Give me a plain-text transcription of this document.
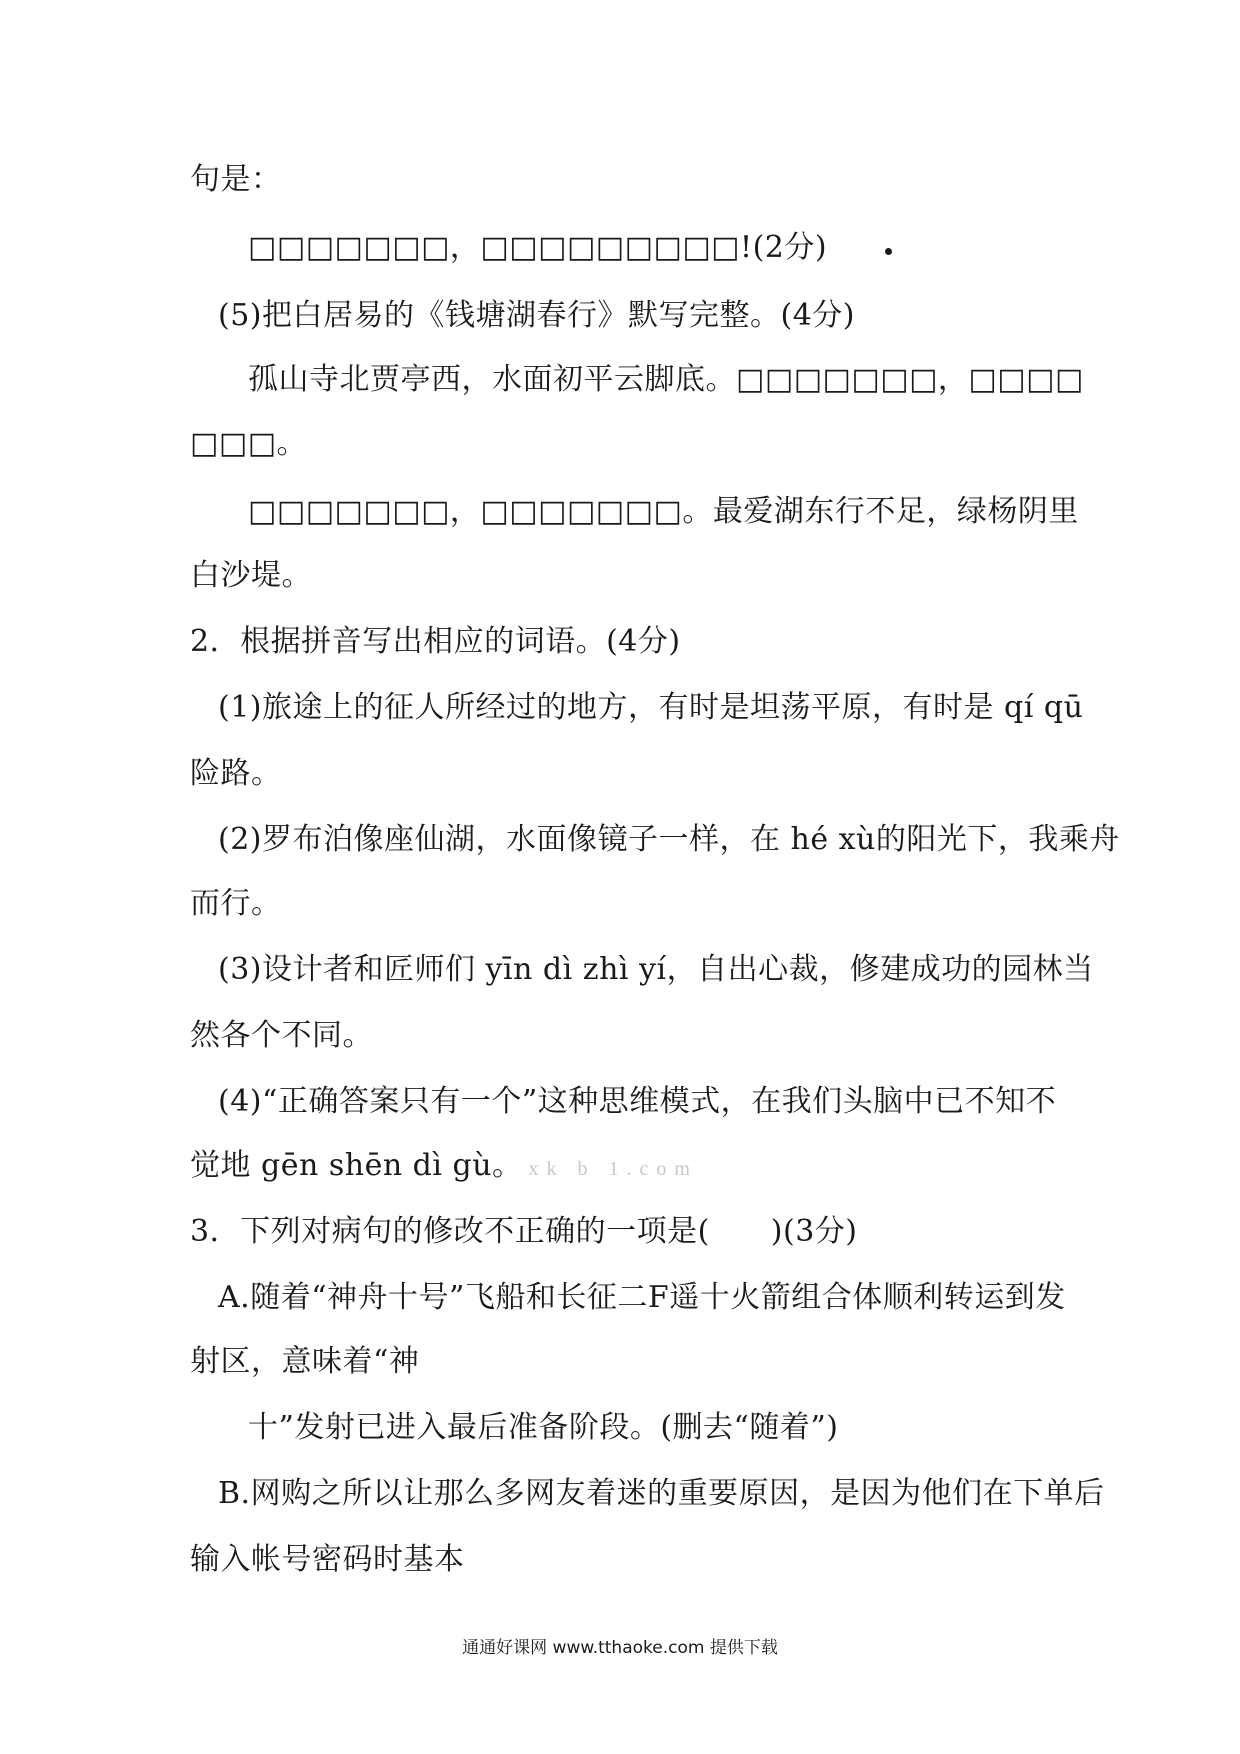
句是：
□□□□□□□，□□□□□□□□□!(2分)
(5)把白居易的《钱塘湖春行》默写完整。(4分)
孤山寺北贾亭西，水面初平云脚底。□□□□□□□，□□□□
□□□。
□□□□□□□，□□□□□□□。最爱湖东行不足，绿杨阴里
白沙堤。
2．根据拼音写出相应的词语。(4分)
(1)旅途上的征人所经过的地方，有时是坦荡平原，有时是 qí qū
险路。
(2)罗布泊像座仙湖，水面像镜子一样，在 hé xù的阳光下，我乘舟
而行。
(3)设计者和匠师们 yīn dì zhì yí，自出心裁，修建成功的园林当
然各个不同。
(4)“正确答案只有一个”这种思维模式，在我们头脑中已不知不
觉地 gēn shēn dì gù。 xk b 1.com
3．下列对病句的修改不正确的一项是(　　)(3分)
A.随着“神舟十号”飞船和长征二F遥十火箭组合体顺利转运到发
射区，意味着“神
十”发射已进入最后准备阶段。(删去“随着”)
B.网购之所以让那么多网友着迷的重要原因，是因为他们在下单后
输入帐号密码时基本
通通好课网 www.tthaoke.com 提供下载
